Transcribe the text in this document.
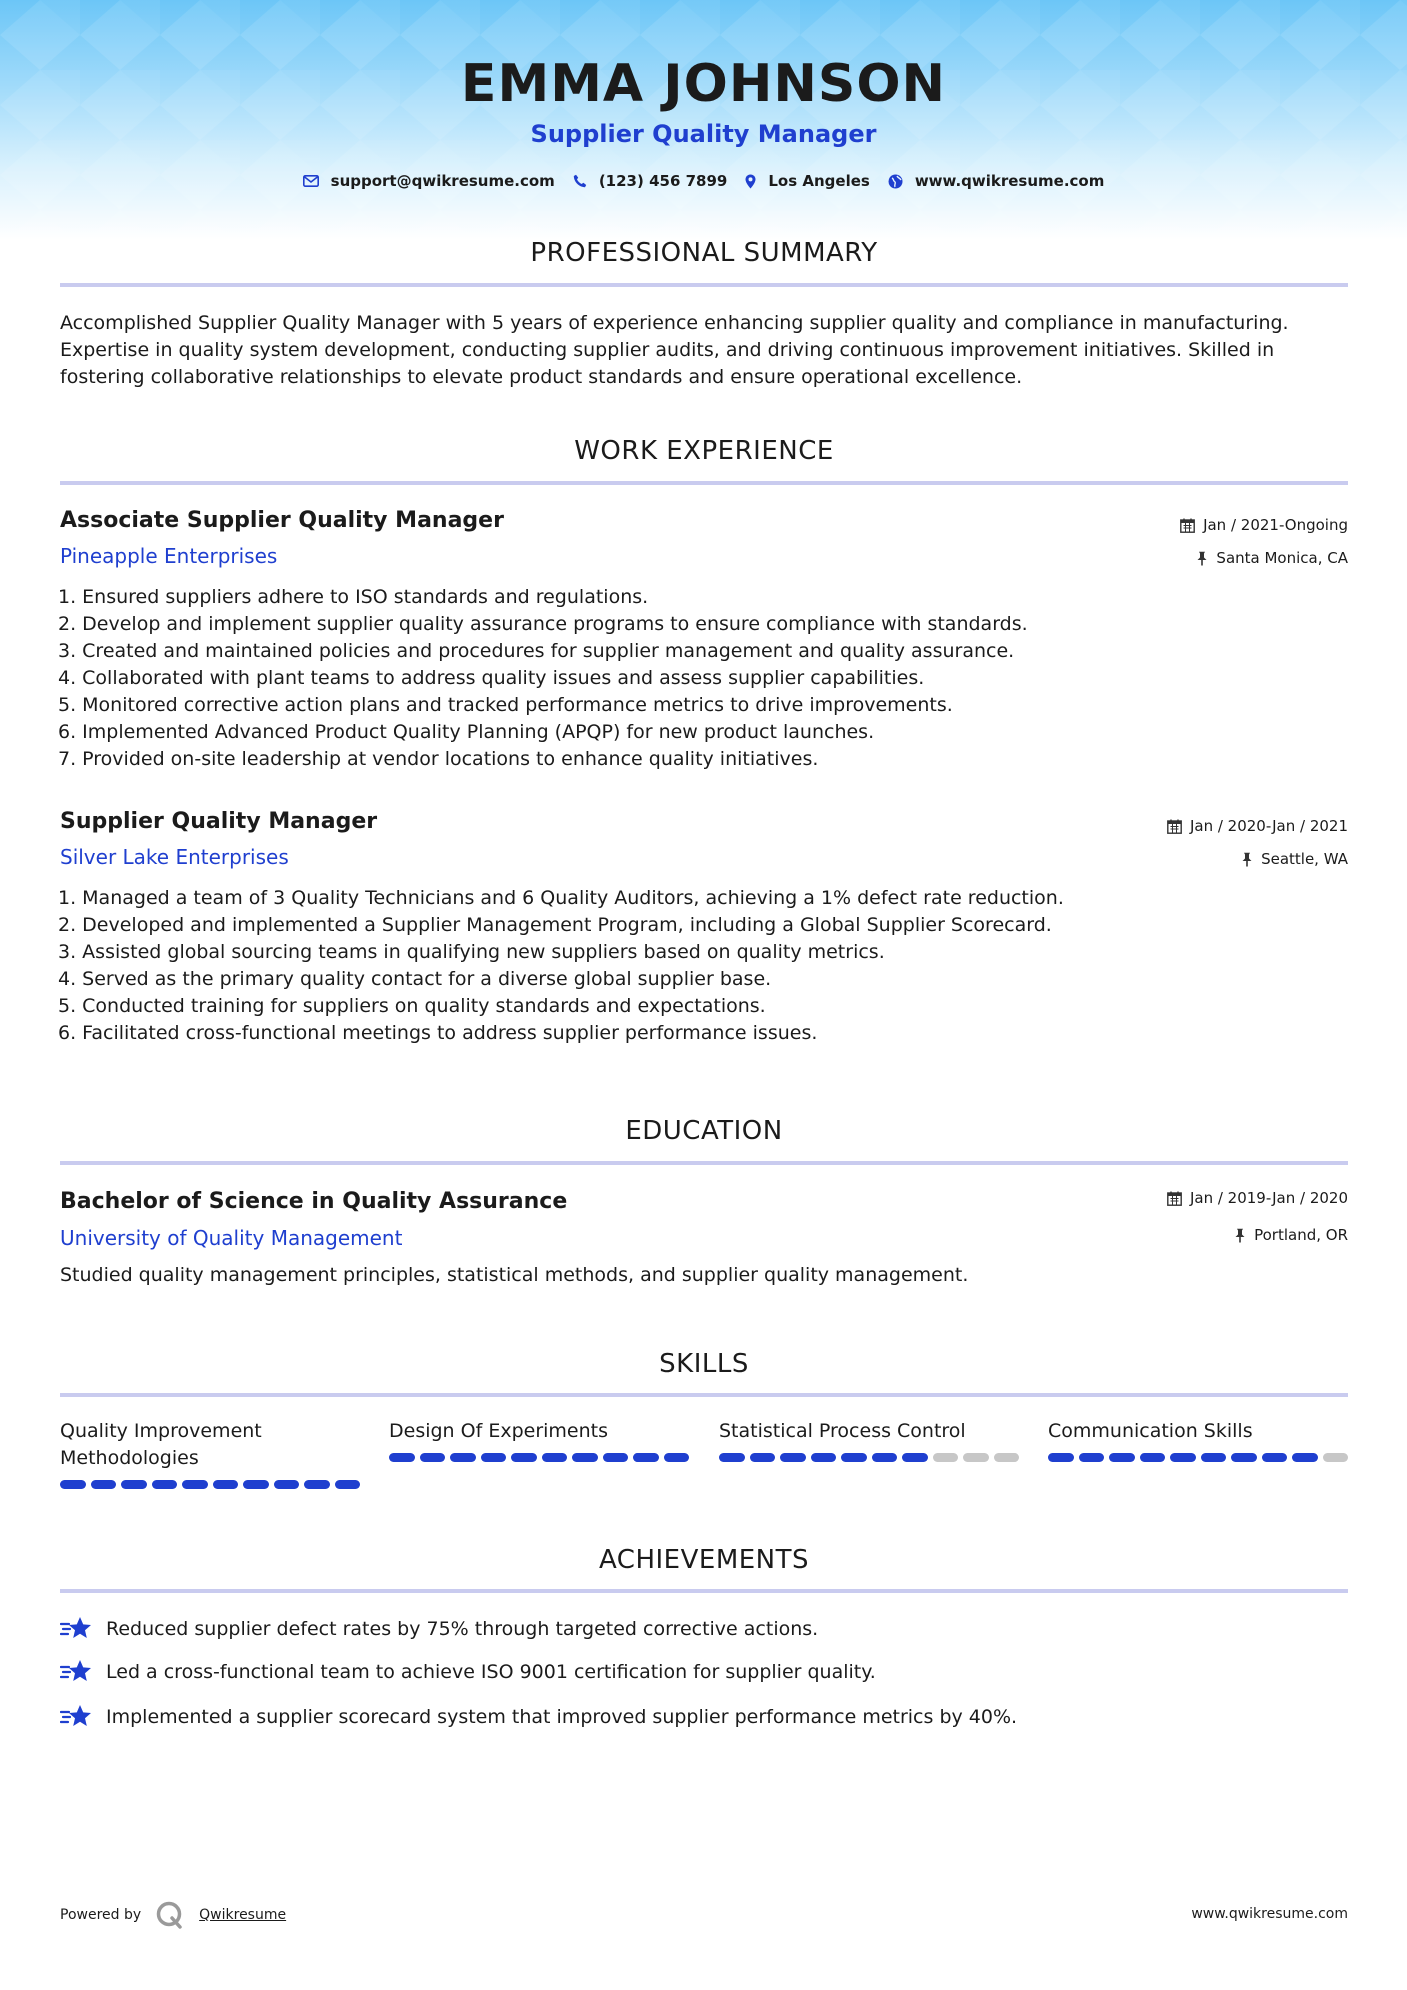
EMMA JOHNSON
Supplier Quality Manager
support@qwikresume.com	(123) 456 7899	Los Angeles	www.qwikresume.com
PROFESSIONAL SUMMARY
Accomplished Supplier Quality Manager with 5 years of experience enhancing supplier quality and compliance in manufacturing. Expertise in quality system development, conducting supplier audits, and driving continuous improvement initiatives. Skilled in fostering collaborative relationships to elevate product standards and ensure operational excellence.
WORK EXPERIENCE
Associate Supplier Quality Manager
Pineapple Enterprises
Jan / 2021-Ongoing
Santa Monica, CA
1. Ensured suppliers adhere to ISO standards and regulations.
2. Develop and implement supplier quality assurance programs to ensure compliance with standards.
3. Created and maintained policies and procedures for supplier management and quality assurance.
4. Collaborated with plant teams to address quality issues and assess supplier capabilities.
5. Monitored corrective action plans and tracked performance metrics to drive improvements.
6. Implemented Advanced Product Quality Planning (APQP) for new product launches.
7. Provided on-site leadership at vendor locations to enhance quality initiatives.
Supplier Quality Manager
Silver Lake Enterprises
Jan / 2020-Jan / 2021
Seattle, WA
1. Managed a team of 3 Quality Technicians and 6 Quality Auditors, achieving a 1% defect rate reduction.
2. Developed and implemented a Supplier Management Program, including a Global Supplier Scorecard.
3. Assisted global sourcing teams in qualifying new suppliers based on quality metrics.
4. Served as the primary quality contact for a diverse global supplier base.
5. Conducted training for suppliers on quality standards and expectations.
6. Facilitated cross-functional meetings to address supplier performance issues.
EDUCATION
Bachelor of Science in Quality Assurance
University of Quality Management
Jan / 2019-Jan / 2020
Portland, OR
Studied quality management principles, statistical methods, and supplier quality management.
SKILLS
Quality Improvement Methodologies
Design Of Experiments	Statistical Process Control	Communication Skills
ACHIEVEMENTS
Reduced supplier defect rates by 75% through targeted corrective actions.
Led a cross-functional team to achieve ISO 9001 certification for supplier quality.
Implemented a supplier scorecard system that improved supplier performance metrics by 40%.
Powered by	Qwikresume	www.qwikresume.com
